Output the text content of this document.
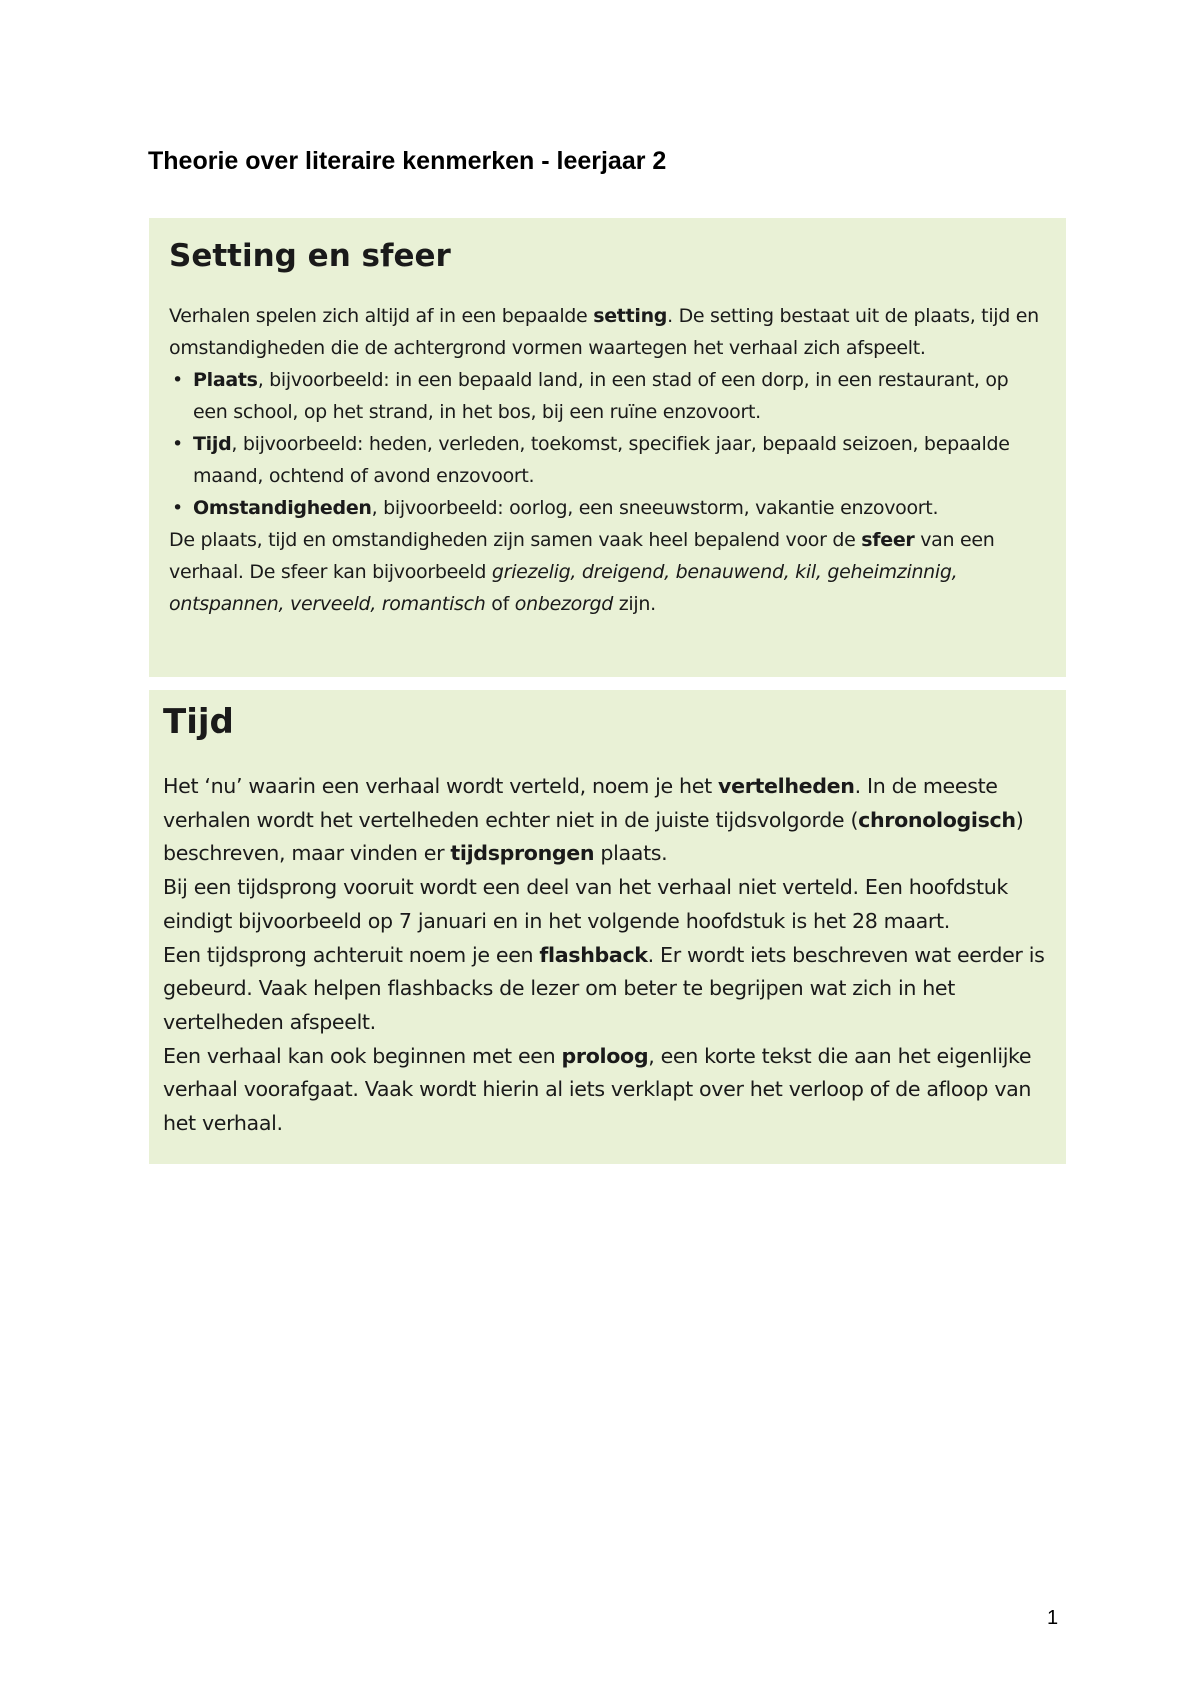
Theorie over literaire kenmerken - leerjaar 2
Setting en sfeer

Verhalen spelen zich altijd af in een bepaalde setting. De setting bestaat uit de plaats, tijd en omstandigheden die de achtergrond vormen waartegen het verhaal zich afspeelt.

• Plaats, bijvoorbeeld: in een bepaald land, in een stad of een dorp, in een restaurant, op een school, op het strand, in het bos, bij een ruïne enzovoort.
• Tijd, bijvoorbeeld: heden, verleden, toekomst, specifiek jaar, bepaald seizoen, bepaalde maand, ochtend of avond enzovoort.
• Omstandigheden, bijvoorbeeld: oorlog, een sneeuwstorm, vakantie enzovoort.

De plaats, tijd en omstandigheden zijn samen vaak heel bepalend voor de sfeer van een verhaal. De sfeer kan bijvoorbeeld griezelig, dreigend, benauwend, kil, geheimzinnig, ontspannen, verveeld, romantisch of onbezorgd zijn.

Tijd

Het ‘nu’ waarin een verhaal wordt verteld, noem je het vertelheden. In de meeste verhalen wordt het vertelheden echter niet in de juiste tijdsvolgorde (chronologisch) beschreven, maar vinden er tijdsprongen plaats.

Bij een tijdsprong vooruit wordt een deel van het verhaal niet verteld. Een hoofdstuk eindigt bijvoorbeeld op 7 januari en in het volgende hoofdstuk is het 28 maart.

Een tijdsprong achteruit noem je een flashback. Er wordt iets beschreven wat eerder is gebeurd. Vaak helpen flashbacks de lezer om beter te begrijpen wat zich in het vertelheden afspeelt.

Een verhaal kan ook beginnen met een proloog, een korte tekst die aan het eigenlijke verhaal voorafgaat. Vaak wordt hierin al iets verklapt over het verloop of de afloop van het verhaal.

1
